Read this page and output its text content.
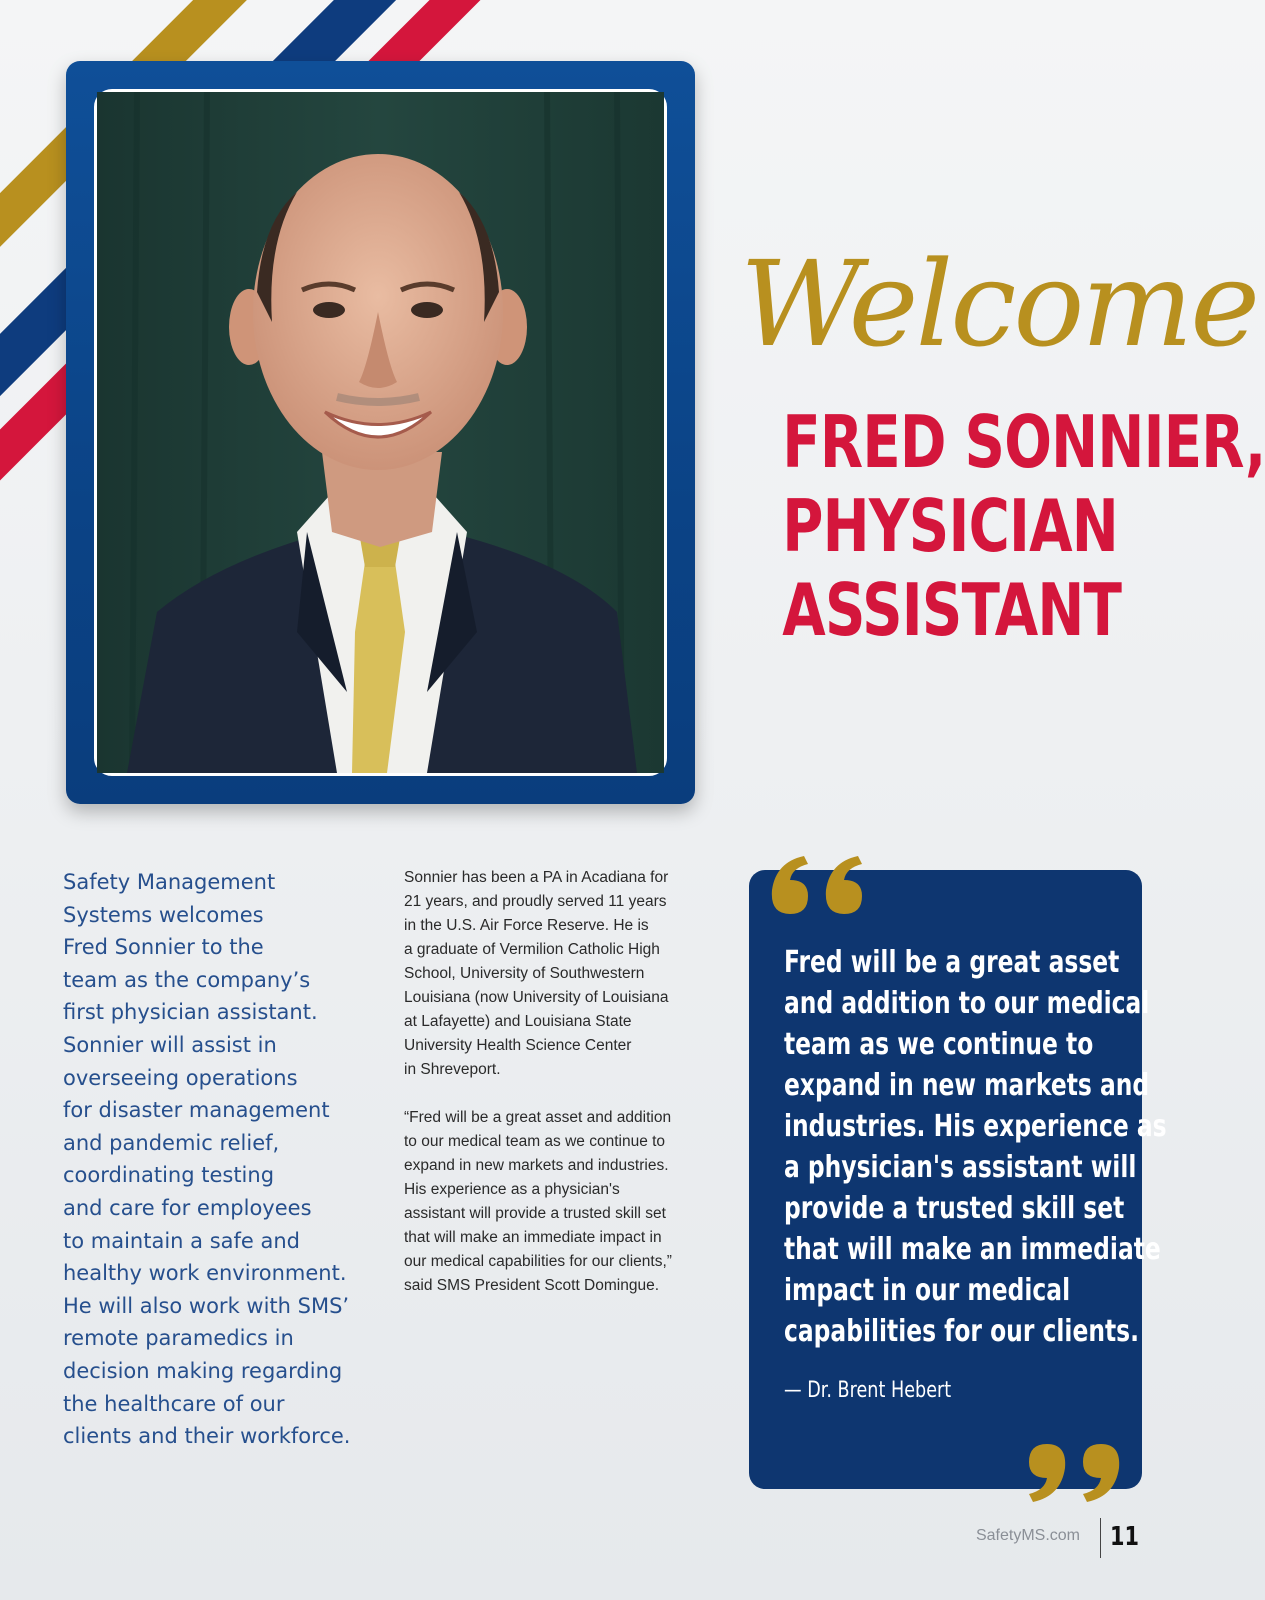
Welcome
FRED SONNIER,
PHYSICIAN
ASSISTANT
Safety Management
Systems welcomes
Fred Sonnier to the
team as the company’s
first physician assistant.
Sonnier will assist in
overseeing operations
for disaster management
and pandemic relief,
coordinating testing
and care for employees
to maintain a safe and
healthy work environment.
He will also work with SMS’
remote paramedics in
decision making regarding
the healthcare of our
clients and their workforce.
Sonnier has been a PA in Acadiana for
21 years, and proudly served 11 years
in the U.S. Air Force Reserve. He is
a graduate of Vermilion Catholic High
School, University of Southwestern
Louisiana (now University of Louisiana
at Lafayette) and Louisiana State
University Health Science Center
in Shreveport.
“Fred will be a great asset and addition
to our medical team as we continue to
expand in new markets and industries.
His experience as a physician's
assistant will provide a trusted skill set
that will make an immediate impact in
our medical capabilities for our clients,”
said SMS President Scott Domingue.
Fred will be a great asset
and addition to our medical
team as we continue to
expand in new markets and
industries. His experience as
a physician's assistant will
provide a trusted skill set
that will make an immediate
impact in our medical
capabilities for our clients.
— Dr. Brent Hebert
SafetyMS.com 11
